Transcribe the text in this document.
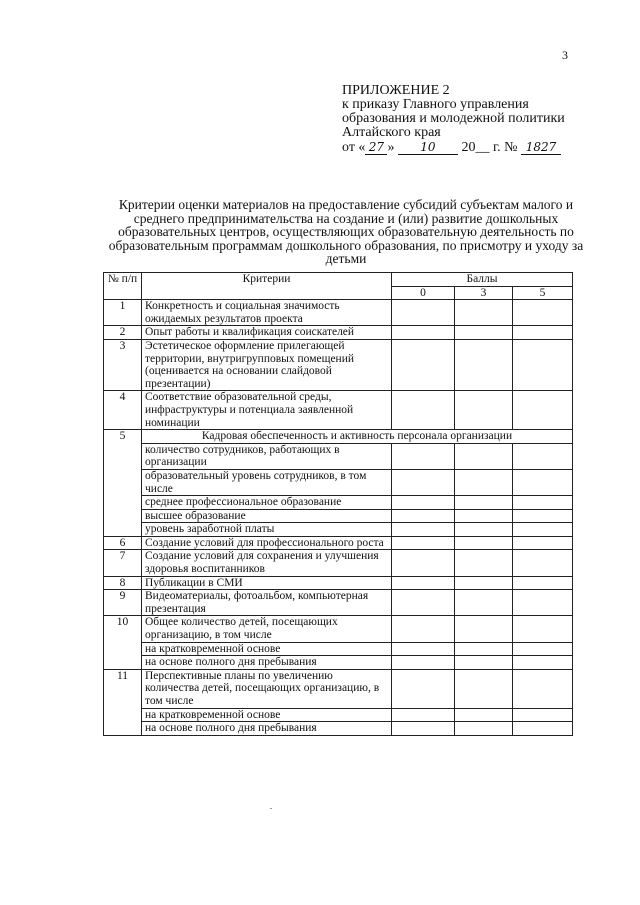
3
ПРИЛОЖЕНИЕ 2
к приказу Главного управления
образования и молодежной политики
Алтайского края
от « 27 » 10 20__ г. № 1827
Критерии оценки материалов на предоставление субсидий субъектам малого и среднего предпринимательства на создание и (или) развитие дошкольных образовательных центров, осуществляющих образовательную деятельность по образовательным программам дошкольного образования, по присмотру и уходу за детьми
№ п/п	Критерии	Баллы		
		0	3	5
1	Конкретность и социальная значимость ожидаемых результатов проекта			
2	Опыт работы и квалификация соискателей			
3	Эстетическое оформление прилегающей территории, внутригрупповых помещений (оценивается на основании слайдовой презентации)			
4	Соответствие образовательной среды, инфраструктуры и потенциала заявленной номинации			
5	Кадровая обеспеченность и активность персонала организации			
	количество сотрудников, работающих в организации			
	образовательный уровень сотрудников, в том числе			
	среднее профессиональное образование			
	высшее образование			
	уровень заработной платы			
6	Создание условий для профессионального роста			
7	Создание условий для сохранения и улучшения здоровья воспитанников			
8	Публикации в СМИ			
9	Видеоматериалы, фотоальбом, компьютерная презентация			
10	Общее количество детей, посещающих организацию, в том числе			
	на кратковременной основе			
	на основе полного дня пребывания			
11	Перспективные планы по увеличению количества детей, посещающих организацию, в том числе			
	на кратковременной основе			
	на основе полного дня пребывания			
